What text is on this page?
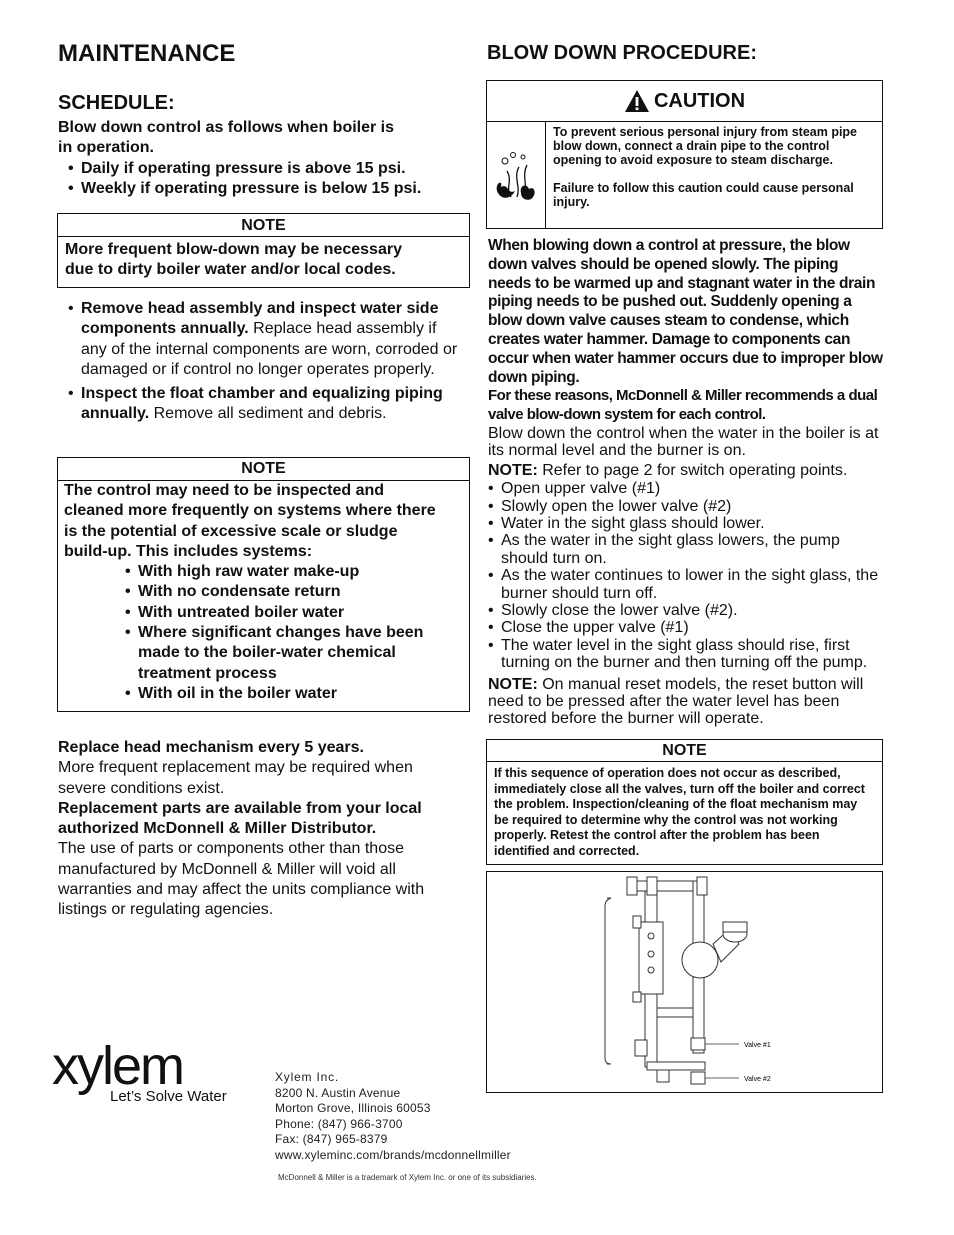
MAINTENANCE
SCHEDULE:
Blow down control as follows when boiler is
in operation.
• Daily if operating pressure is above 15 psi.
• Weekly if operating pressure is below 15 psi.
NOTE
More frequent blow-down may be necessary
due to dirty boiler water and/or local codes.
• Remove head assembly and inspect water side components annually. Replace head assembly if any of the internal components are worn, corroded or damaged or if control no longer operates properly.
• Inspect the float chamber and equalizing piping annually. Remove all sediment and debris.
NOTE
The control may need to be inspected and
cleaned more frequently on systems where there
is the potential of excessive scale or sludge
build-up. This includes systems:
• With high raw water make-up
• With no condensate return
• With untreated boiler water
• Where significant changes have been made to the boiler-water chemical treatment process
• With oil in the boiler water
Replace head mechanism every 5 years.
More frequent replacement may be required when severe conditions exist.
Replacement parts are available from your local authorized McDonnell & Miller Distributor.
The use of parts or components other than those manufactured by McDonnell & Miller will void all warranties and may affect the units compliance with listings or regulating agencies.
BLOW DOWN PROCEDURE:
CAUTION
To prevent serious personal injury from steam pipe blow down, connect a drain pipe to the control opening to avoid exposure to steam discharge.
Failure to follow this caution could cause personal injury.

When blowing down a control at pressure, the blow down valves should be opened slowly. The piping needs to be warmed up and stagnant water in the drain piping needs to be pushed out. Suddenly opening a blow down valve causes steam to condense, which creates water hammer. Damage to components can occur when water hammer occurs due to improper blow down piping.

For these reasons, McDonnell & Miller recommends a dual valve blow-down system for each control.

Blow down the control when the water in the boiler is at its normal level and the burner is on.

NOTE: Refer to page 2 for switch operating points.

• Open upper valve (#1)
• Slowly open the lower valve (#2)
• Water in the sight glass should lower.
• As the water in the sight glass lowers, the pump should turn on.
• As the water continues to lower in the sight glass, the burner should turn off.
• Slowly close the lower valve (#2).
• Close the upper valve (#1)
• The water level in the sight glass should rise, first turning on the burner and then turning off the pump.

NOTE: On manual reset models, the reset button will need to be pressed after the water level has been restored before the burner will operate.

NOTE
If this sequence of operation does not occur as described, immediately close all the valves, turn off the boiler and correct the problem. Inspection/cleaning of the float mechanism may be required to determine why the control was not working properly. Retest the control after the problem has been identified and corrected.
Valve #1
Valve #2
xylem
Let’s Solve Water
Xylem Inc.
8200 N. Austin Avenue
Morton Grove, Illinois 60053
Phone: (847) 966-3700
Fax: (847) 965-8379
www.xyleminc.com/brands/mcdonnellmiller
McDonnell & Miller is a trademark of Xylem Inc. or one of its subsidiaries.
